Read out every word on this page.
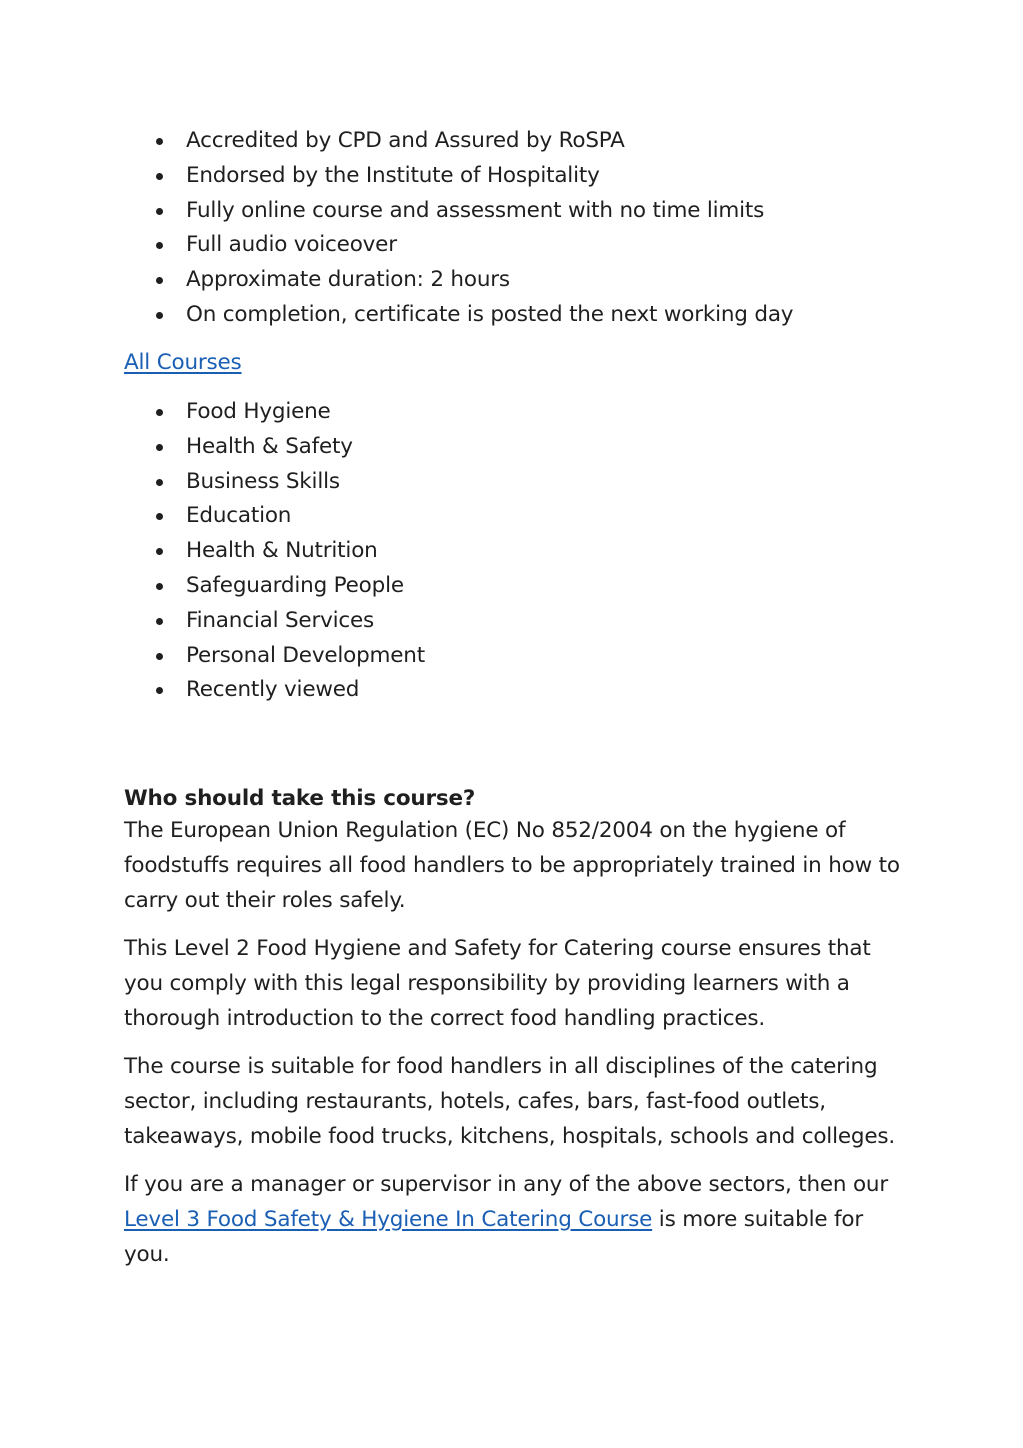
Accredited by CPD and Assured by RoSPA
Endorsed by the Institute of Hospitality
Fully online course and assessment with no time limits
Full audio voiceover
Approximate duration: 2 hours
On completion, certificate is posted the next working day
All Courses
Food Hygiene
Health & Safety
Business Skills
Education
Health & Nutrition
Safeguarding People
Financial Services
Personal Development
Recently viewed
Who should take this course?

The European Union Regulation (EC) No 852/2004 on the hygiene of foodstuffs requires all food handlers to be appropriately trained in how to carry out their roles safely.

This Level 2 Food Hygiene and Safety for Catering course ensures that you comply with this legal responsibility by providing learners with a thorough introduction to the correct food handling practices.

The course is suitable for food handlers in all disciplines of the catering sector, including restaurants, hotels, cafes, bars, fast-food outlets, takeaways, mobile food trucks, kitchens, hospitals, schools and colleges.

If you are a manager or supervisor in any of the above sectors, then our Level 3 Food Safety & Hygiene In Catering Course is more suitable for you.
